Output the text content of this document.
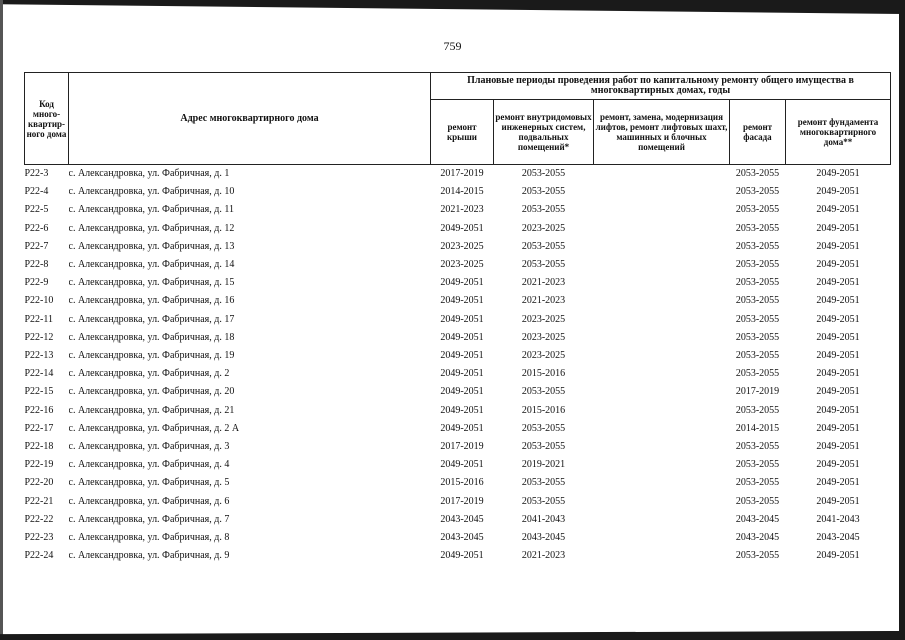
759
Код много-квартир-ного дома	Адрес многоквартирного дома	Плановые периоды проведения работ по капитальному ремонту общего имущества в многоквартирных домах, годы				
		ремонт крыши	ремонт внутридомовых инженерных систем, подвальных помещений*	ремонт, замена, модернизация лифтов, ремонт лифтовых шахт, машинных и блочных помещений	ремонт фасада	ремонт фундамента многоквартирного дома**
Р22-3	с. Александровка, ул. Фабричная, д. 1	2017-2019	2053-2055		2053-2055	2049-2051
Р22-4	с. Александровка, ул. Фабричная, д. 10	2014-2015	2053-2055		2053-2055	2049-2051
Р22-5	с. Александровка, ул. Фабричная, д. 11	2021-2023	2053-2055		2053-2055	2049-2051
Р22-6	с. Александровка, ул. Фабричная, д. 12	2049-2051	2023-2025		2053-2055	2049-2051
Р22-7	с. Александровка, ул. Фабричная, д. 13	2023-2025	2053-2055		2053-2055	2049-2051
Р22-8	с. Александровка, ул. Фабричная, д. 14	2023-2025	2053-2055		2053-2055	2049-2051
Р22-9	с. Александровка, ул. Фабричная, д. 15	2049-2051	2021-2023		2053-2055	2049-2051
Р22-10	с. Александровка, ул. Фабричная, д. 16	2049-2051	2021-2023		2053-2055	2049-2051
Р22-11	с. Александровка, ул. Фабричная, д. 17	2049-2051	2023-2025		2053-2055	2049-2051
Р22-12	с. Александровка, ул. Фабричная, д. 18	2049-2051	2023-2025		2053-2055	2049-2051
Р22-13	с. Александровка, ул. Фабричная, д. 19	2049-2051	2023-2025		2053-2055	2049-2051
Р22-14	с. Александровка, ул. Фабричная, д. 2	2049-2051	2015-2016		2053-2055	2049-2051
Р22-15	с. Александровка, ул. Фабричная, д. 20	2049-2051	2053-2055		2017-2019	2049-2051
Р22-16	с. Александровка, ул. Фабричная, д. 21	2049-2051	2015-2016		2053-2055	2049-2051
Р22-17	с. Александровка, ул. Фабричная, д. 2 А	2049-2051	2053-2055		2014-2015	2049-2051
Р22-18	с. Александровка, ул. Фабричная, д. 3	2017-2019	2053-2055		2053-2055	2049-2051
Р22-19	с. Александровка, ул. Фабричная, д. 4	2049-2051	2019-2021		2053-2055	2049-2051
Р22-20	с. Александровка, ул. Фабричная, д. 5	2015-2016	2053-2055		2053-2055	2049-2051
Р22-21	с. Александровка, ул. Фабричная, д. 6	2017-2019	2053-2055		2053-2055	2049-2051
Р22-22	с. Александровка, ул. Фабричная, д. 7	2043-2045	2041-2043		2043-2045	2041-2043
Р22-23	с. Александровка, ул. Фабричная, д. 8	2043-2045	2043-2045		2043-2045	2043-2045
Р22-24	с. Александровка, ул. Фабричная, д. 9	2049-2051	2021-2023		2053-2055	2049-2051
